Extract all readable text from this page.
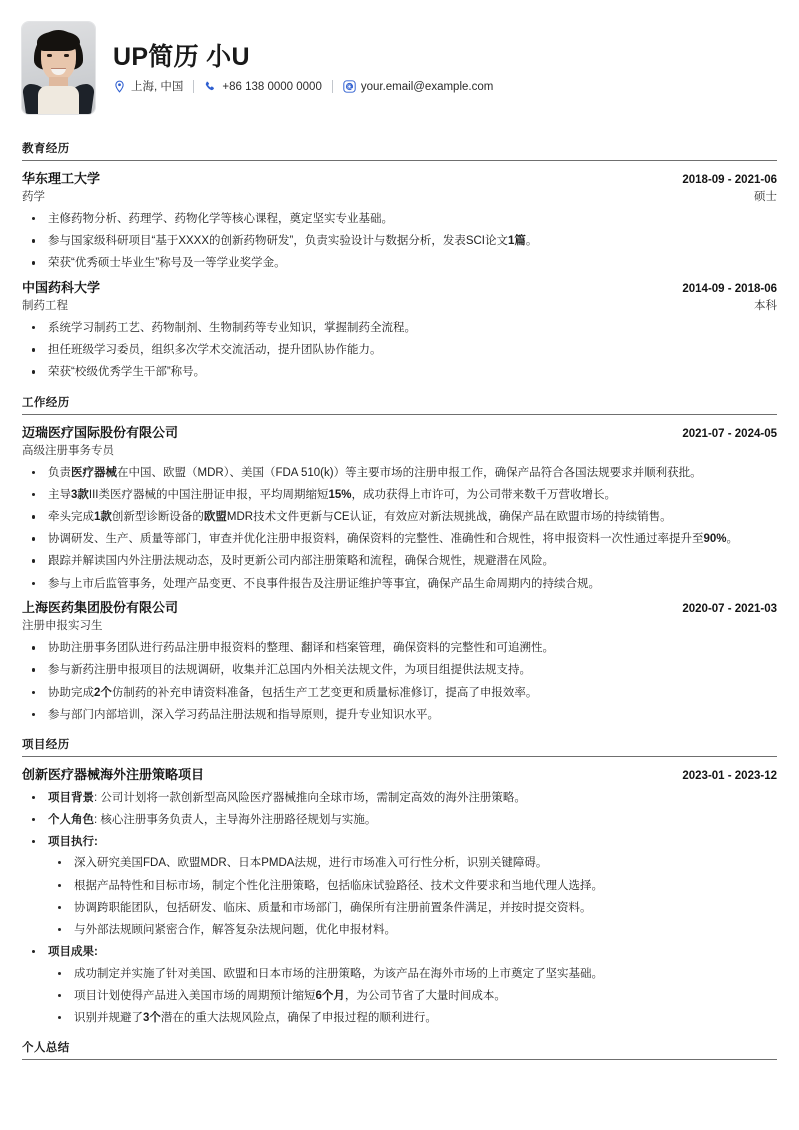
UP简历 小U
上海, 中国	+86 138 0000 0000	your.email@example.com
教育经历
华东理工大学	2018-09 - 2021-06
药学	硕士
主修药物分析、药理学、药物化学等核心课程，奠定坚实专业基础。
参与国家级科研项目“基于XXXX的创新药物研发”，负责实验设计与数据分析，发表SCI论文1篇。
荣获“优秀硕士毕业生”称号及一等学业奖学金。
中国药科大学	2014-09 - 2018-06
制药工程	本科
系统学习制药工艺、药物制剂、生物制药等专业知识，掌握制药全流程。
担任班级学习委员，组织多次学术交流活动，提升团队协作能力。
荣获“校级优秀学生干部”称号。
工作经历
迈瑞医疗国际股份有限公司	2021-07 - 2024-05
高级注册事务专员
负责医疗器械在中国、欧盟（MDR）、美国（FDA 510(k)）等主要市场的注册申报工作，确保产品符合各国法规要求并顺利获批。
主导3款III类医疗器械的中国注册证申报，平均周期缩短15%，成功获得上市许可，为公司带来数千万营收增长。
牵头完成1款创新型诊断设备的欧盟MDR技术文件更新与CE认证，有效应对新法规挑战，确保产品在欧盟市场的持续销售。
协调研发、生产、质量等部门，审查并优化注册申报资料，确保资料的完整性、准确性和合规性，将申报资料一次性通过率提升至90%。
跟踪并解读国内外注册法规动态，及时更新公司内部注册策略和流程，确保合规性，规避潜在风险。
参与上市后监管事务，处理产品变更、不良事件报告及注册证维护等事宜，确保产品生命周期内的持续合规。
上海医药集团股份有限公司	2020-07 - 2021-03
注册申报实习生
协助注册事务团队进行药品注册申报资料的整理、翻译和档案管理，确保资料的完整性和可追溯性。
参与新药注册申报项目的法规调研，收集并汇总国内外相关法规文件，为项目组提供法规支持。
协助完成2个仿制药的补充申请资料准备，包括生产工艺变更和质量标准修订，提高了申报效率。
参与部门内部培训，深入学习药品注册法规和指导原则，提升专业知识水平。
项目经历
创新医疗器械海外注册策略项目	2023-01 - 2023-12
项目背景: 公司计划将一款创新型高风险医疗器械推向全球市场，需制定高效的海外注册策略。
个人角色: 核心注册事务负责人，主导海外注册路径规划与实施。
项目执行:
深入研究美国FDA、欧盟MDR、日本PMDA法规，进行市场准入可行性分析，识别关键障碍。
根据产品特性和目标市场，制定个性化注册策略，包括临床试验路径、技术文件要求和当地代理人选择。
协调跨职能团队，包括研发、临床、质量和市场部门，确保所有注册前置条件满足，并按时提交资料。
与外部法规顾问紧密合作，解答复杂法规问题，优化申报材料。
项目成果:
成功制定并实施了针对美国、欧盟和日本市场的注册策略，为该产品在海外市场的上市奠定了坚实基础。
项目计划使得产品进入美国市场的周期预计缩短6个月，为公司节省了大量时间成本。
识别并规避了3个潜在的重大法规风险点，确保了申报过程的顺利进行。
个人总结
